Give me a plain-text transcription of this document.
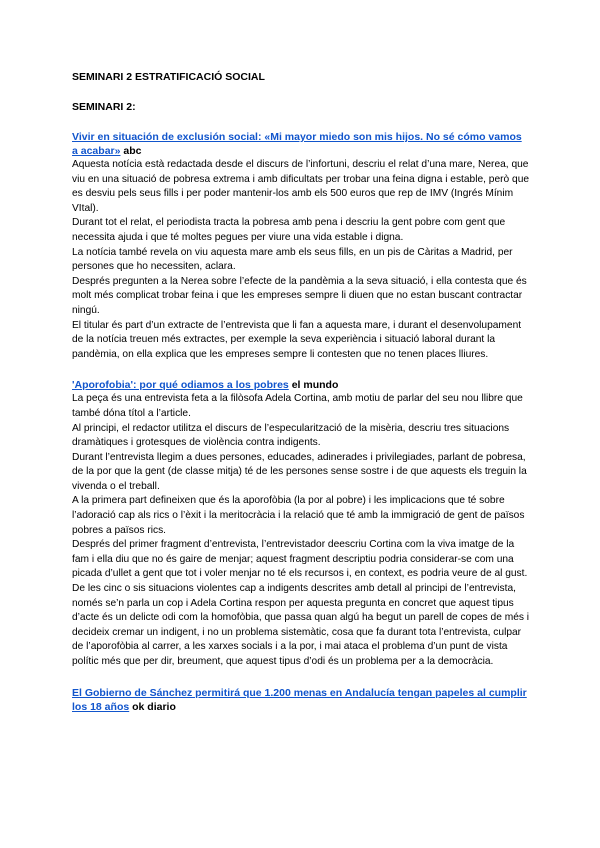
SEMINARI 2 ESTRATIFICACIÓ SOCIAL

SEMINARI 2:

Vivir en situación de exclusión social: «Mi mayor miedo son mis hijos. No sé cómo vamos a acabar» abc

Aquesta notícia està redactada desde el discurs de l’infortuni, descriu el relat d’una mare, Nerea, que viu en una situació de pobresa extrema i amb dificultats per trobar una feina digna i estable, però que es desviu pels seus fills i per poder mantenir-los amb els 500 euros que rep de IMV (Ingrés Mínim VItal).

Durant tot el relat, el periodista tracta la pobresa amb pena i descriu la gent pobre com gent que necessita ajuda i que té moltes pegues per viure una vida estable i digna.

La notícia també revela on viu aquesta mare amb els seus fills, en un pis de Càritas a Madrid, per persones que ho necessiten, aclara.

Després pregunten a la Nerea sobre l’efecte de la pandèmia a la seva situació, i ella contesta que és molt més complicat trobar feina i que les empreses sempre li diuen que no estan buscant contractar ningú.

El titular és part d’un extracte de l’entrevista que li fan a aquesta mare, i durant el desenvolupament de la notícia treuen més extractes, per exemple la seva experiència i situació laboral durant la pandèmia, on ella explica que les empreses sempre li contesten que no tenen places lliures.

'Aporofobia': por qué odiamos a los pobres el mundo

La peça és una entrevista feta a la filòsofa Adela Cortina, amb motiu de parlar del seu nou llibre que també dóna títol a l’article.

Al principi, el redactor utilitza el discurs de l’especularització de la misèria, descriu tres situacions dramàtiques i grotesques de violència contra indigents.

Durant l’entrevista llegim a dues persones, educades, adinerades i privilegiades, parlant de pobresa, de la por que la gent (de classe mitja) té de les persones sense sostre i de que aquests els treguin la vivenda o el treball.

A la primera part defineixen que és la aporofòbia (la por al pobre) i les implicacions que té sobre l’adoració cap als rics o l’èxit i la meritocràcia i la relació que té amb la immigració de gent de països pobres a països rics.

Després del primer fragment d’entrevista, l’entrevistador deescriu Cortina com la viva imatge de la fam i ella diu que no és gaire de menjar; aquest fragment descriptiu podria considerar-se com una picada d’ullet a gent que tot i voler menjar no té els recursos i, en context, es podria veure de al gust.

De les cinc o sis situacions violentes cap a indigents descrites amb detall al principi de l’entrevista, només se’n parla un cop i Adela Cortina respon per aquesta pregunta en concret que aquest tipus d’acte és un delicte odi com la homofòbia, que passa quan algú ha begut un parell de copes de més i decideix cremar un indigent, i no un problema sistemàtic, cosa que fa durant tota l’entrevista, culpar de l’aporofòbia al carrer, a les xarxes socials i a la por, i mai ataca el problema d’un punt de vista polític més que per dir, breument, que aquest tipus d’odi és un problema per a la democràcia.

El Gobierno de Sánchez permitirá que 1.200 menas en Andalucía tengan papeles al cumplir los 18 años ok diario
